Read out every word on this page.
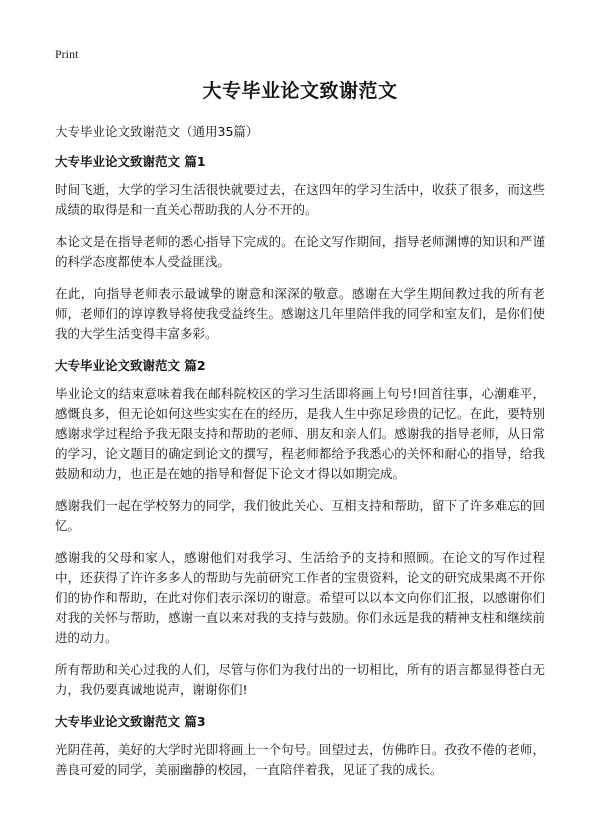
Print
大专毕业论文致谢范文
大专毕业论文致谢范文（通用35篇）
大专毕业论文致谢范文 篇1

时间飞逝，大学的学习生活很快就要过去，在这四年的学习生活中，收获了很多，而这些成绩的取得是和一直关心帮助我的人分不开的。

本论文是在指导老师的悉心指导下完成的。在论文写作期间，指导老师渊博的知识和严谨的科学态度都使本人受益匪浅。

在此，向指导老师表示最诚挚的谢意和深深的敬意。感谢在大学生期间教过我的所有老师，老师们的谆谆教导将使我受益终生。感谢这几年里陪伴我的同学和室友们，是你们使我的大学生活变得丰富多彩。

大专毕业论文致谢范文 篇2

毕业论文的结束意味着我在邮科院校区的学习生活即将画上句号!回首往事，心潮难平，感慨良多，但无论如何这些实实在在的经历，是我人生中弥足珍贵的记忆。在此，要特别感谢求学过程给予我无限支持和帮助的老师、朋友和亲人们。感谢我的指导老师，从日常的学习，论文题目的确定到论文的撰写，程老师都给予我悉心的关怀和耐心的指导，给我鼓励和动力，也正是在她的指导和督促下论文才得以如期完成。

感谢我们一起在学校努力的同学，我们彼此关心、互相支持和帮助，留下了许多难忘的回忆。

感谢我的父母和家人，感谢他们对我学习、生活给予的支持和照顾。在论文的写作过程中，还获得了许许多多人的帮助与先前研究工作者的宝贵资料，论文的研究成果离不开你们的协作和帮助，在此对你们表示深切的谢意。希望可以以本文向你们汇报，以感谢你们对我的关怀与帮助，感谢一直以来对我的支持与鼓励。你们永远是我的精神支柱和继续前进的动力。

所有帮助和关心过我的人们，尽管与你们为我付出的一切相比，所有的语言都显得苍白无力，我仍要真诚地说声，谢谢你们!

大专毕业论文致谢范文 篇3

光阴荏苒，美好的大学时光即将画上一个句号。回望过去，仿佛昨日。孜孜不倦的老师，善良可爱的同学，美丽幽静的校园，一直陪伴着我，见证了我的成长。
